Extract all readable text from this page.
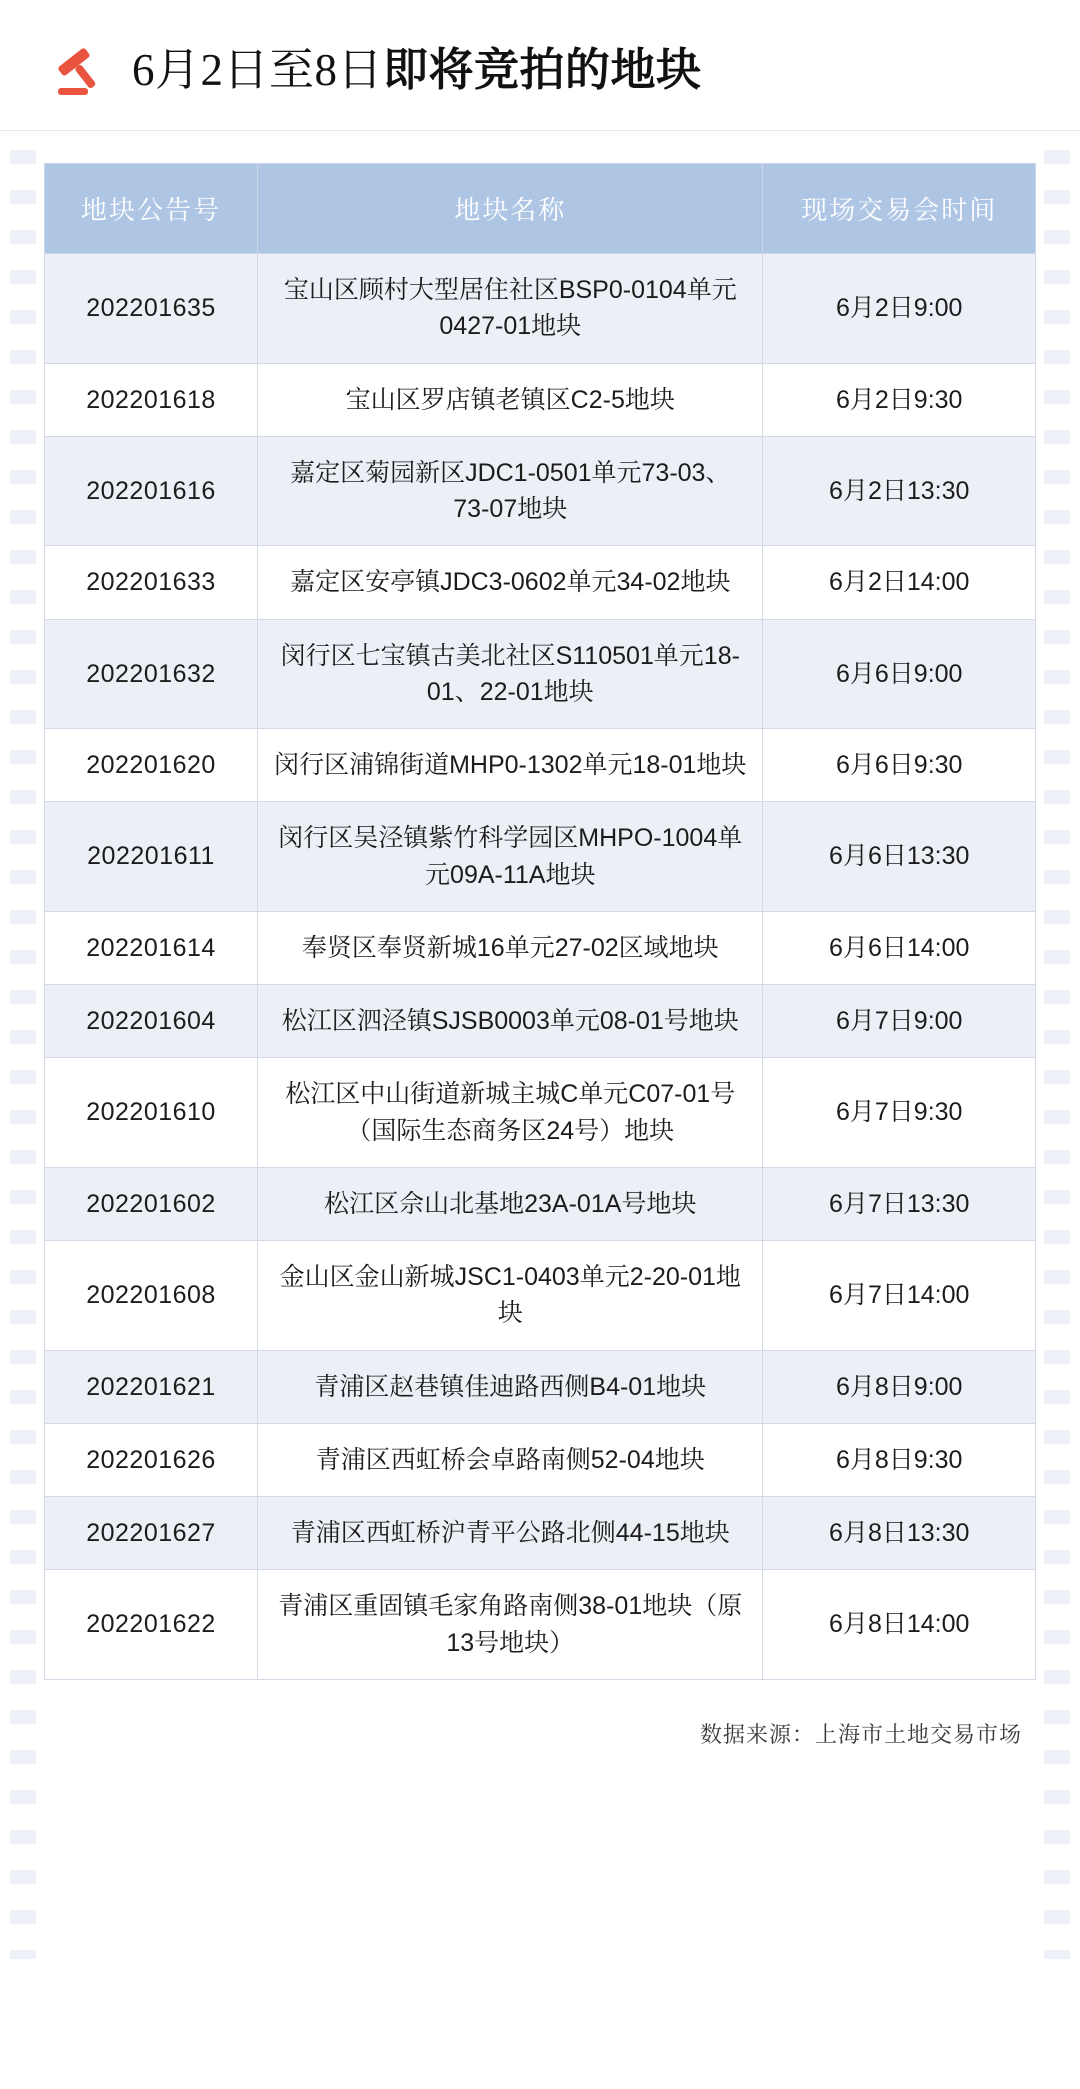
6月2日至8日即将竞拍的地块
地块公告号	地块名称	现场交易会时间
202201635	宝山区顾村大型居住社区BSP0-0104单元0427-01地块	6月2日9:00
202201618	宝山区罗店镇老镇区C2-5地块	6月2日9:30
202201616	嘉定区菊园新区JDC1-0501单元73-03、73-07地块	6月2日13:30
202201633	嘉定区安亭镇JDC3-0602单元34-02地块	6月2日14:00
202201632	闵行区七宝镇古美北社区S110501单元18-01、22-01地块	6月6日9:00
202201620	闵行区浦锦街道MHP0-1302单元18-01地块	6月6日9:30
202201611	闵行区吴泾镇紫竹科学园区MHPO-1004单元09A-11A地块	6月6日13:30
202201614	奉贤区奉贤新城16单元27-02区域地块	6月6日14:00
202201604	松江区泗泾镇SJSB0003单元08-01号地块	6月7日9:00
202201610	松江区中山街道新城主城C单元C07-01号（国际生态商务区24号）地块	6月7日9:30
202201602	松江区佘山北基地23A-01A号地块	6月7日13:30
202201608	金山区金山新城JSC1-0403单元2-20-01地块	6月7日14:00
202201621	青浦区赵巷镇佳迪路西侧B4-01地块	6月8日9:00
202201626	青浦区西虹桥会卓路南侧52-04地块	6月8日9:30
202201627	青浦区西虹桥沪青平公路北侧44-15地块	6月8日13:30
202201622	青浦区重固镇毛家角路南侧38-01地块（原13号地块）	6月8日14:00
数据来源：上海市土地交易市场
